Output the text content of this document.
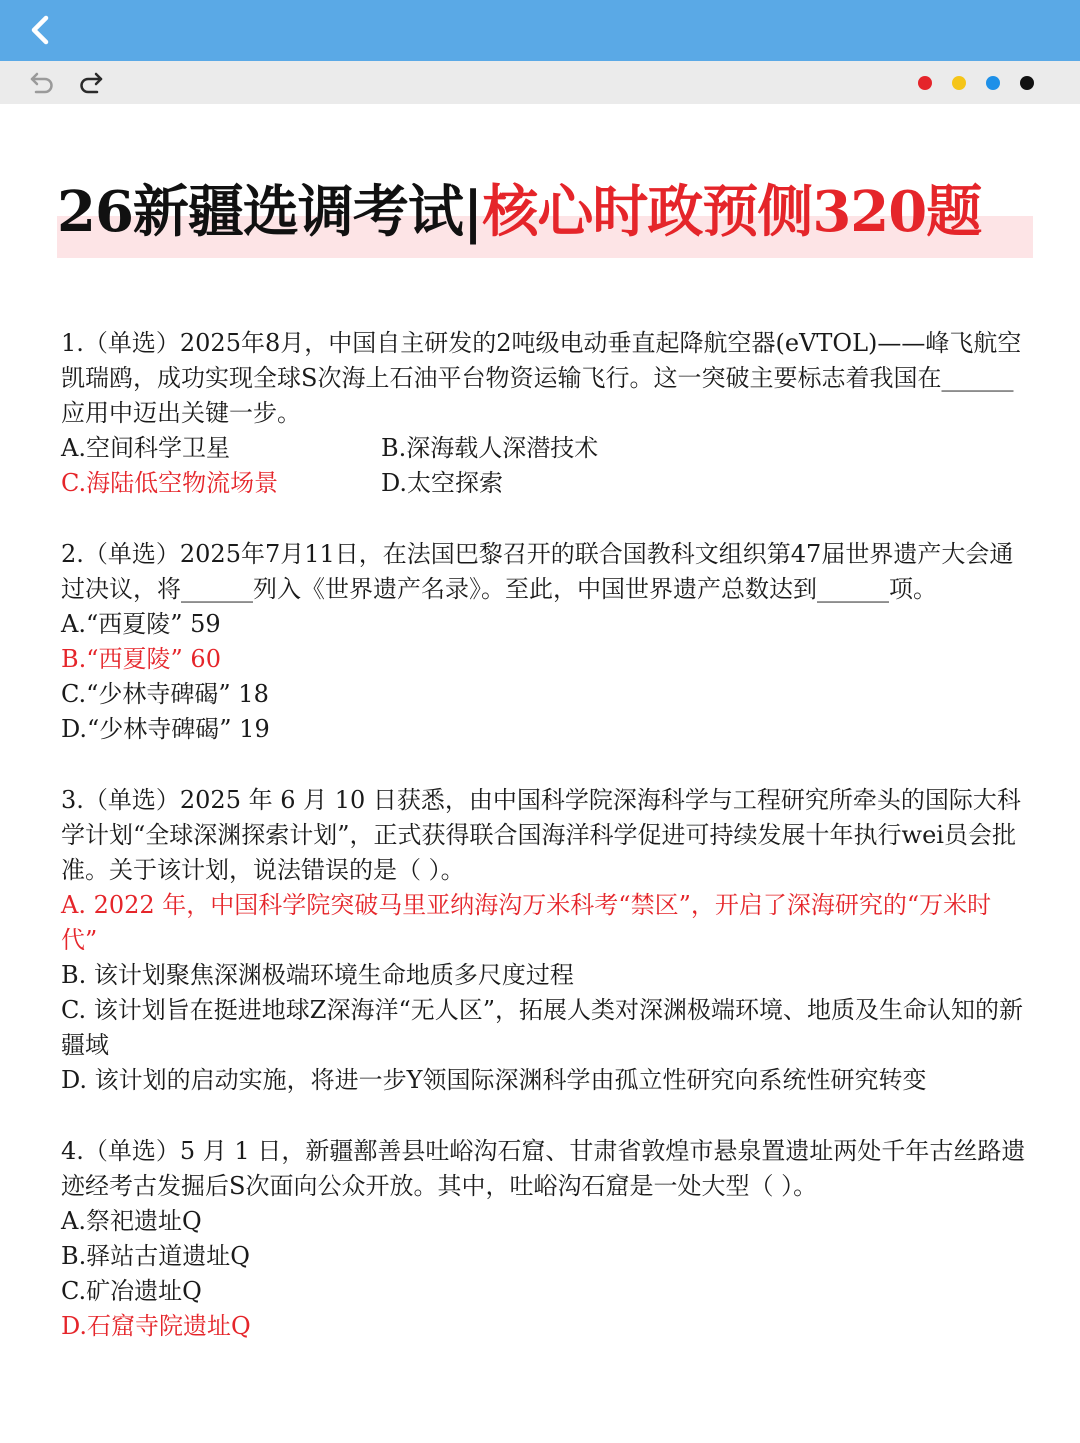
26新疆选调考试|核心时政预侧320题

1.（单选）2025年8月，中国自主研发的2吨级电动垂直起降航空器(eVTOL)——峰飞航空凯瑞鸥，成功实现全球S次海上石油平台物资运输飞行。这一突破主要标志着我国在______应用中迈出关键一步。

A.空间科学卫星	B.深海载人深潜技术
C.海陆低空物流场景	D.太空探索

2.（单选）2025年7月11日，在法国巴黎召开的联合国教科文组织第47届世界遗产大会通过决议，将______列入《世界遗产名录》。至此，中国世界遗产总数达到______项。

A.“西夏陵” 59

B.“西夏陵” 60

C.“少林寺碑碣” 18

D.“少林寺碑碣” 19

3.（单选）2025 年 6 月 10 日获悉，由中国科学院深海科学与工程研究所牵头的国际大科学计划“全球深渊探索计划”，正式获得联合国海洋科学促进可持续发展十年执行wei员会批准。关于该计划，说法错误的是（ ）。

A. 2022 年，中国科学院突破马里亚纳海沟万米科考“禁区”，开启了深海研究的“万米时代”

B. 该计划聚焦深渊极端环境生命地质多尺度过程

C. 该计划旨在挺进地球Z深海洋“无人区”，拓展人类对深渊极端环境、地质及生命认知的新疆域

D. 该计划的启动实施，将进一步Y领国际深渊科学由孤立性研究向系统性研究转变

4.（单选）5 月 1 日，新疆鄯善县吐峪沟石窟、甘肃省敦煌市悬泉置遗址两处千年古丝路遗迹经考古发掘后S次面向公众开放。其中，吐峪沟石窟是一处大型（ ）。

A.祭祀遗址Q

B.驿站古道遗址Q

C.矿冶遗址Q

D.石窟寺院遗址Q
